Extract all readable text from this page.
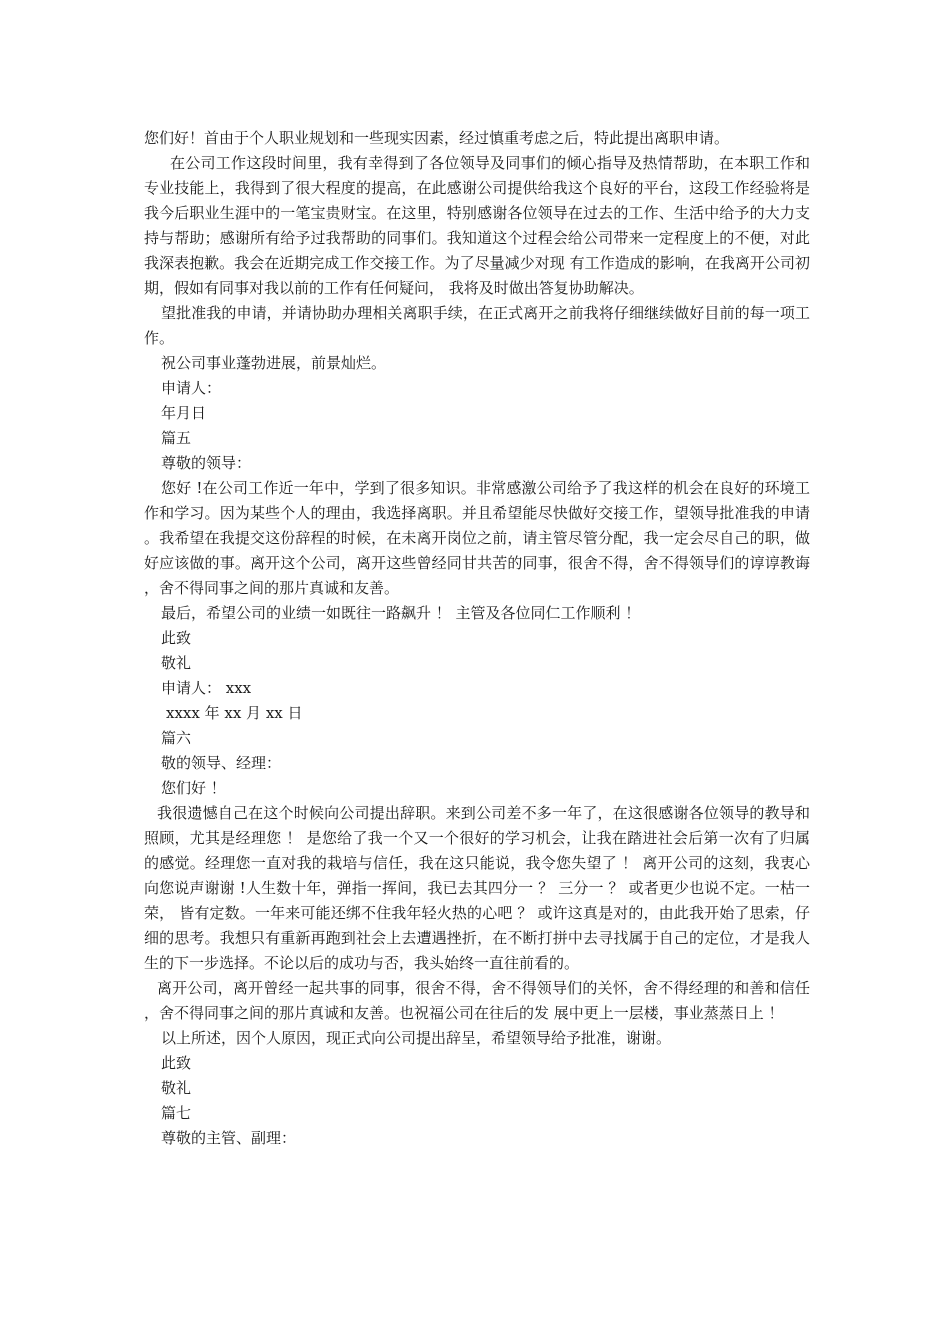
您们好！首由于个人职业规划和一些现实因素，经过慎重考虑之后，特此提出离职申请。

在公司工作这段时间里，我有幸得到了各位领导及同事们的倾心指导及热情帮助，在本职工作和专业技能上，我得到了很大程度的提高，在此感谢公司提供给我这个良好的平台，这段工作经验将是我今后职业生涯中的一笔宝贵财宝。在这里，特别感谢各位领导在过去的工作、生活中给予的大力支持与帮助；感谢所有给予过我帮助的同事们。我知道这个过程会给公司带来一定程度上的不便，对此我深表抱歉。我会在近期完成工作交接工作。为了尽量减少对现 有工作造成的影响，在我离开公司初期，假如有同事对我以前的工作有任何疑问， 我将及时做出答复协助解决。

望批准我的申请，并请协助办理相关离职手续，在正式离开之前我将仔细继续做好目前的每一项工作。

祝公司事业蓬勃进展，前景灿烂。

申请人：

年月日

篇五

尊敬的领导：

您好 !在公司工作近一年中，学到了很多知识。非常感激公司给予了我这样的机会在良好的环境工作和学习。因为某些个人的理由，我选择离职。并且希望能尽快做好交接工作，望领导批准我的申请。我希望在我提交这份辞程的时候，在未离开岗位之前，请主管尽管分配，我一定会尽自己的职，做好应该做的事。离开这个公司，离开这些曾经同甘共苦的同事，很舍不得，舍不得领导们的谆谆教诲，舍不得同事之间的那片真诚和友善。

最后，希望公司的业绩一如既往一路飙升 ！ 主管及各位同仁工作顺利 ！

此致

敬礼

申请人： xxx

xxxx 年 xx 月 xx 日

篇六

敬的领导、经理：

您们好 ！

我很遗憾自己在这个时候向公司提出辞职。来到公司差不多一年了，在这很感谢各位领导的教导和照顾，尤其是经理您 ！ 是您给了我一个又一个很好的学习机会，让我在踏进社会后第一次有了归属的感觉。经理您一直对我的栽培与信任，我在这只能说，我令您失望了 ！ 离开公司的这刻，我衷心向您说声谢谢 !人生数十年，弹指一挥间，我已去其四分一 ？ 三分一 ？ 或者更少也说不定。一枯一荣， 皆有定数。一年来可能还绑不住我年轻火热的心吧 ？ 或许这真是对的，由此我开始了思索，仔细的思考。我想只有重新再跑到社会上去遭遇挫折，在不断打拼中去寻找属于自己的定位，才是我人生的下一步选择。不论以后的成功与否，我头始终一直往前看的。

离开公司，离开曾经一起共事的同事，很舍不得，舍不得领导们的关怀，舍不得经理的和善和信任，舍不得同事之间的那片真诚和友善。也祝福公司在往后的发 展中更上一层楼，事业蒸蒸日上 ！

以上所述，因个人原因，现正式向公司提出辞呈，希望领导给予批准，谢谢。

此致

敬礼

篇七

尊敬的主管、副理：
